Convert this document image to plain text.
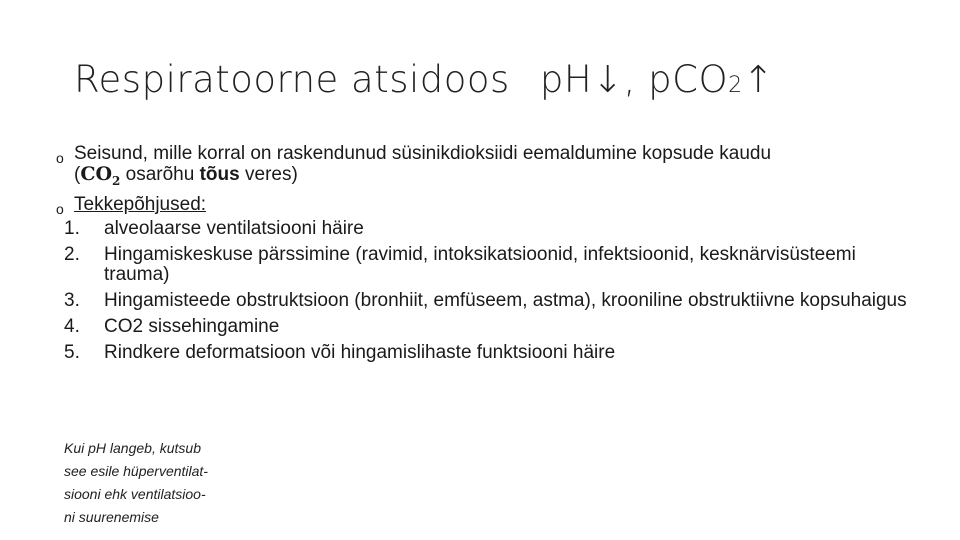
Respiratoorne atsidoos pH↓, pCO2↑
o Seisund, mille korral on raskendunud süsinikdioksiidi eemaldumine kopsude kaudu
($CO_2$ osarõhu tõus veres)
o Tekkepõhjused:
1. alveolaarse ventilatsiooni häire
2. Hingamiskeskuse pärssimine (ravimid, intoksikatsioonid, infektsioonid, kesknärvisüsteemi trauma)
3. Hingamisteede obstruktsioon (bronhiit, emfüseem, astma), krooniline obstruktiivne kopsuhaigus
4. CO2 sissehingamine
5. Rindkere deformatsioon või hingamislihaste funktsiooni häire
Kui pH langeb, kutsub
see esile hüperventilat-
siooni ehk ventilatsioo-
ni suurenemise
